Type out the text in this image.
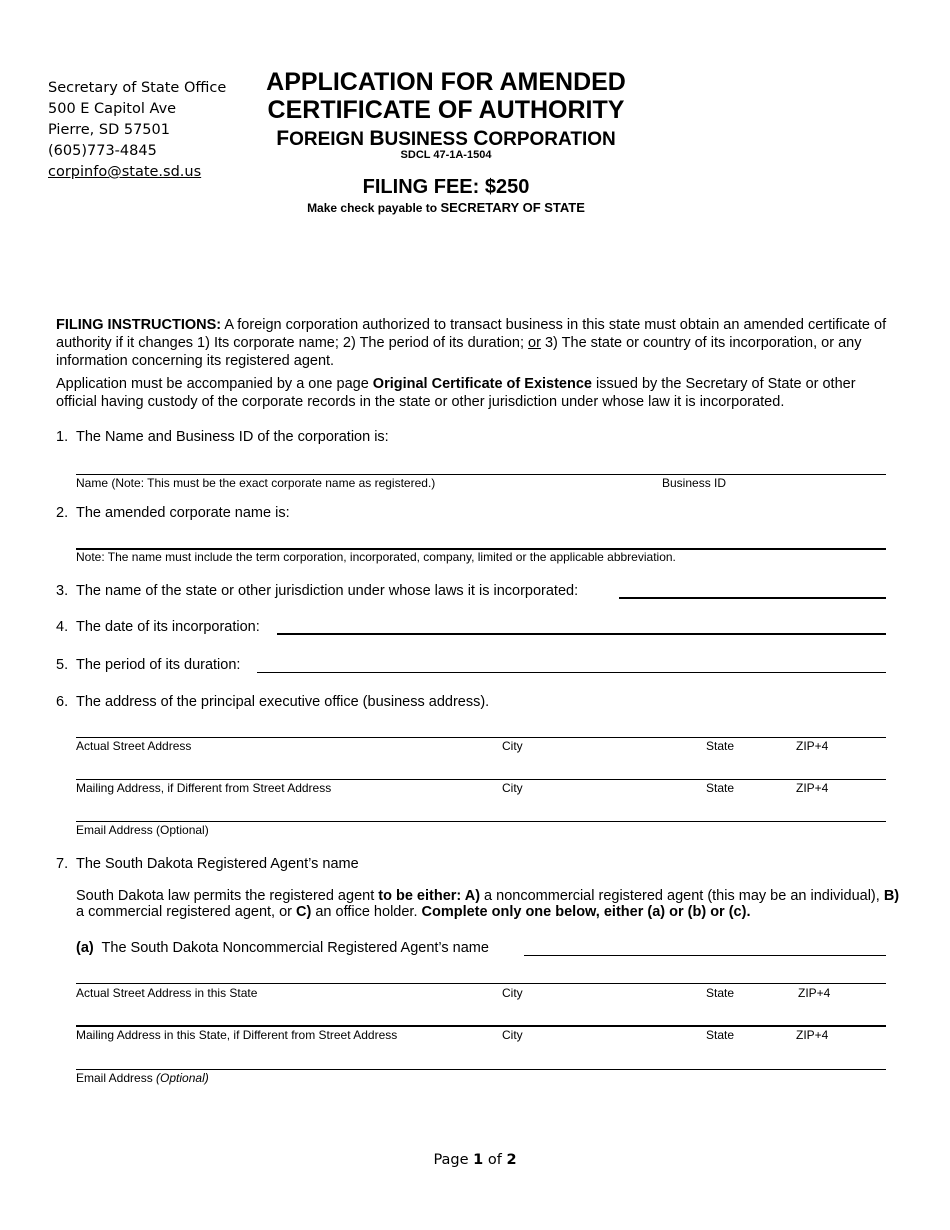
Secretary of State Office
500 E Capitol Ave
Pierre, SD 57501
(605)773-4845
corpinfo@state.sd.us
APPLICATION FOR AMENDED
CERTIFICATE OF AUTHORITY
FOREIGN BUSINESS CORPORATION
SDCL 47-1A-1504
FILING FEE: $250
Make check payable to SECRETARY OF STATE
FILING INSTRUCTIONS: A foreign corporation authorized to transact business in this state must obtain an amended certificate of authority if it changes 1) Its corporate name; 2) The period of its duration; or 3) The state or country of its incorporation, or any information concerning its registered agent.
Application must be accompanied by a one page Original Certificate of Existence issued by the Secretary of State or other official having custody of the corporate records in the state or other jurisdiction under whose law it is incorporated.
1. The Name and Business ID of the corporation is:
Name (Note: This must be the exact corporate name as registered.)	Business ID
2. The amended corporate name is:
Note: The name must include the term corporation, incorporated, company, limited or the applicable abbreviation.
3. The name of the state or other jurisdiction under whose laws it is incorporated:
4. The date of its incorporation:
5. The period of its duration:
6. The address of the principal executive office (business address).
Actual Street Address	City	State	ZIP+4
Mailing Address, if Different from Street Address	City	State	ZIP+4
Email Address (Optional)
7. The South Dakota Registered Agent’s name
South Dakota law permits the registered agent to be either: A) a noncommercial registered agent (this may be an individual), B) a commercial registered agent, or C) an office holder. Complete only one below, either (a) or (b) or (c).
(a) The South Dakota Noncommercial Registered Agent’s name
Actual Street Address in this State	City	State	ZIP+4
Mailing Address in this State, if Different from Street Address	City	State	ZIP+4
Email Address (Optional)
Page 1 of 2
